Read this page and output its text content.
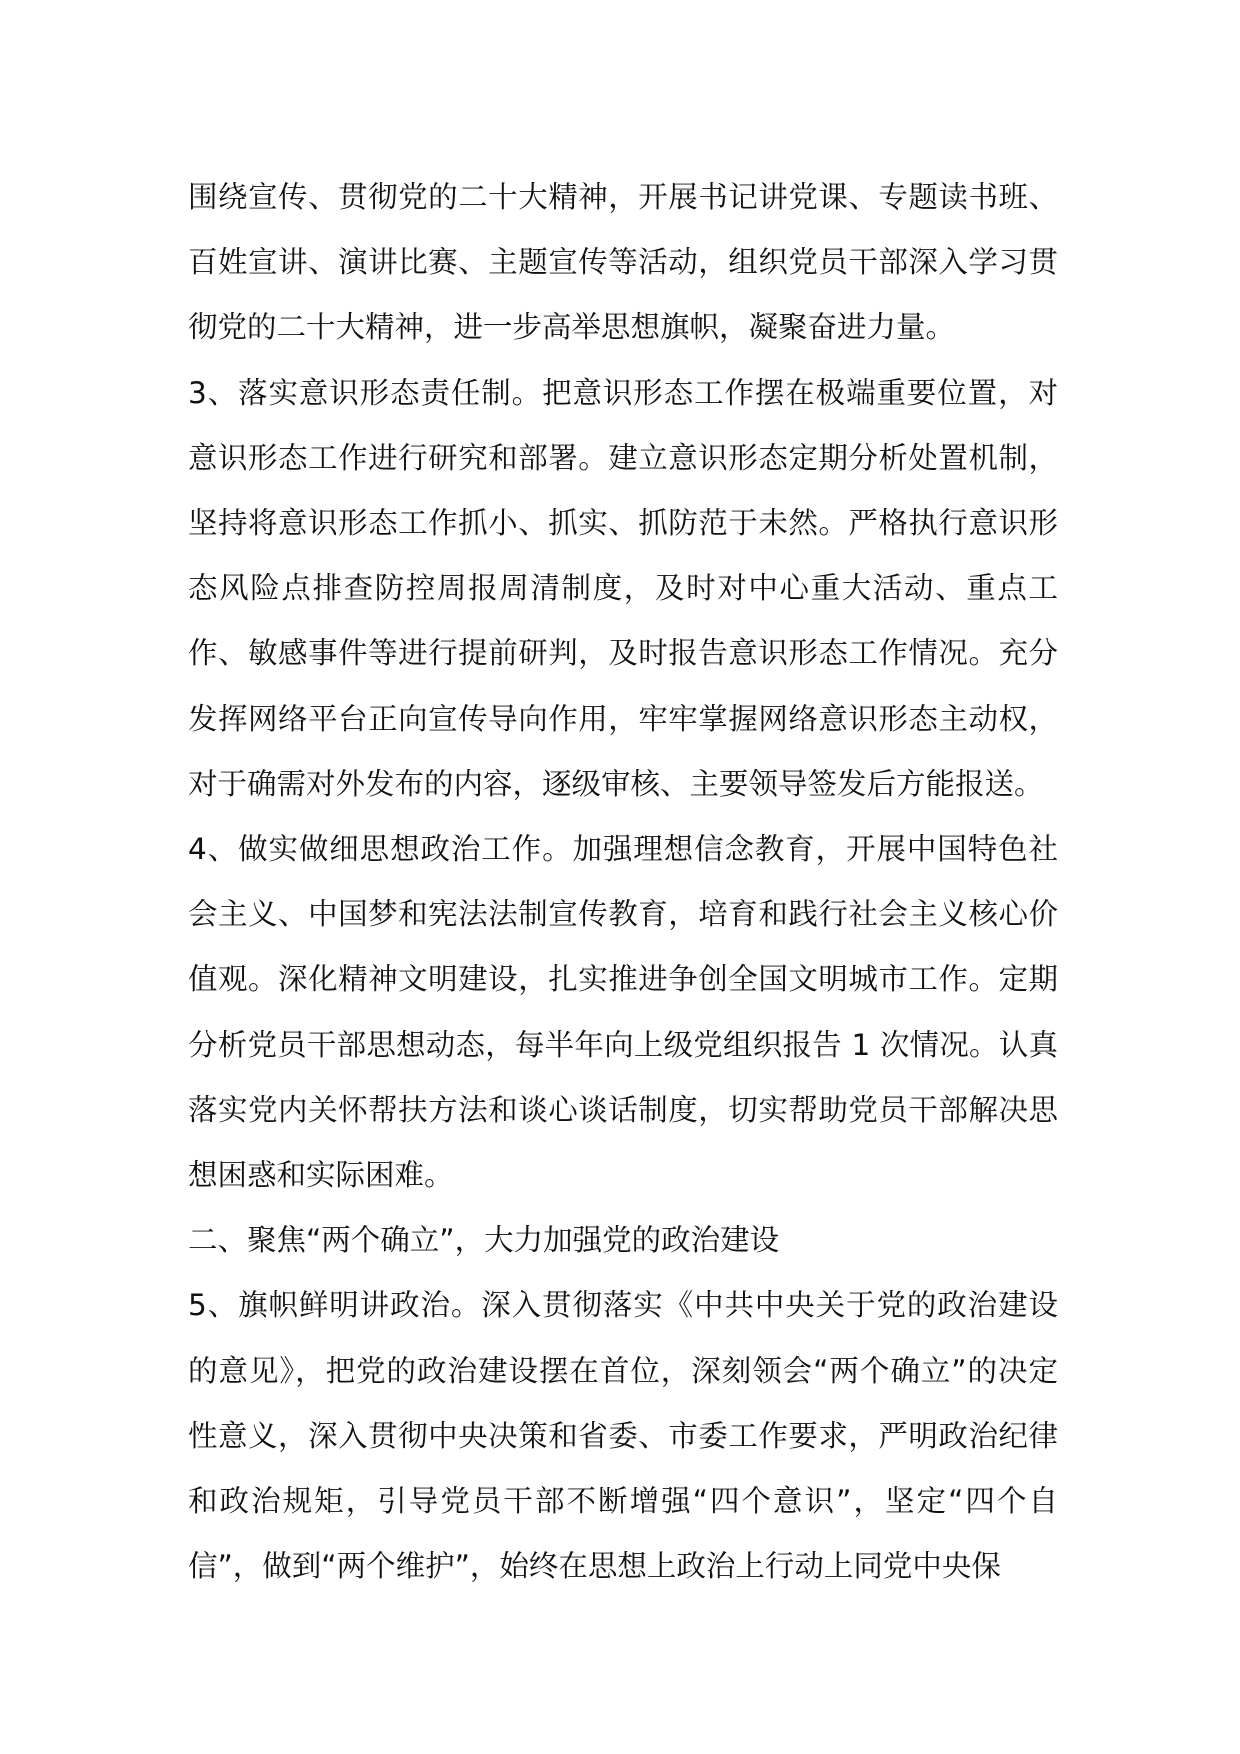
围绕宣传、贯彻党的二十大精神，开展书记讲党课、专题读书班、百姓宣讲、演讲比赛、主题宣传等活动，组织党员干部深入学习贯彻党的二十大精神，进一步高举思想旗帜，凝聚奋进力量。

3、落实意识形态责任制。把意识形态工作摆在极端重要位置，对意识形态工作进行研究和部署。建立意识形态定期分析处置机制，坚持将意识形态工作抓小、抓实、抓防范于未然。严格执行意识形态风险点排查防控周报周清制度，及时对中心重大活动、重点工作、敏感事件等进行提前研判，及时报告意识形态工作情况。充分发挥网络平台正向宣传导向作用，牢牢掌握网络意识形态主动权，对于确需对外发布的内容，逐级审核、主要领导签发后方能报送。

4、做实做细思想政治工作。加强理想信念教育，开展中国特色社会主义、中国梦和宪法法制宣传教育，培育和践行社会主义核心价值观。深化精神文明建设，扎实推进争创全国文明城市工作。定期分析党员干部思想动态，每半年向上级党组织报告 1 次情况。认真落实党内关怀帮扶方法和谈心谈话制度，切实帮助党员干部解决思想困惑和实际困难。

二、聚焦“两个确立”，大力加强党的政治建设

5、旗帜鲜明讲政治。深入贯彻落实《中共中央关于党的政治建设的意见》，把党的政治建设摆在首位，深刻领会“两个确立”的决定性意义，深入贯彻中央决策和省委、市委工作要求，严明政治纪律和政治规矩，引导党员干部不断增强“四个意识”，坚定“四个自信”，做到“两个维护”，始终在思想上政治上行动上同党中央保
